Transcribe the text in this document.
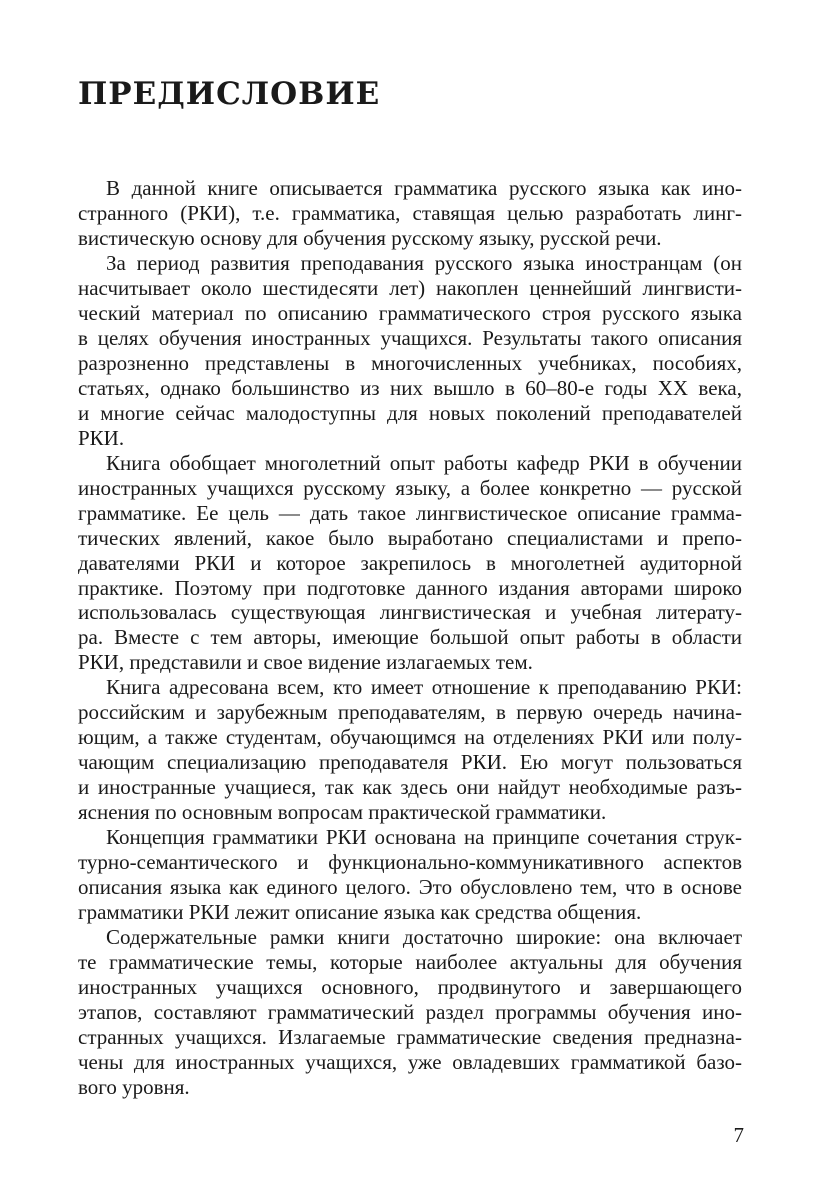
ПРЕДИСЛОВИЕ
В данной книге описывается грамматика русского языка как ино-
странного (РКИ), т.е. грамматика, ставящая целью разработать линг-
вистическую основу для обучения русскому языку, русской речи.
За период развития преподавания русского языка иностранцам (он
насчитывает около шестидесяти лет) накоплен ценнейший лингвисти-
ческий материал по описанию грамматического строя русского языка
в целях обучения иностранных учащихся. Результаты такого описания
разрозненно представлены в многочисленных учебниках, пособиях,
статьях, однако большинство из них вышло в 60–80-е годы XX века,
и многие сейчас малодоступны для новых поколений преподавателей
РКИ.
Книга обобщает многолетний опыт работы кафедр РКИ в обучении
иностранных учащихся русскому языку, а более конкретно — русской
грамматике. Ее цель — дать такое лингвистическое описание грамма-
тических явлений, какое было выработано специалистами и препо-
давателями РКИ и которое закрепилось в многолетней аудиторной
практике. Поэтому при подготовке данного издания авторами широко
использовалась существующая лингвистическая и учебная литерату-
ра. Вместе с тем авторы, имеющие большой опыт работы в области
РКИ, представили и свое видение излагаемых тем.
Книга адресована всем, кто имеет отношение к преподаванию РКИ:
российским и зарубежным преподавателям, в первую очередь начина-
ющим, а также студентам, обучающимся на отделениях РКИ или полу-
чающим специализацию преподавателя РКИ. Ею могут пользоваться
и иностранные учащиеся, так как здесь они найдут необходимые разъ-
яснения по основным вопросам практической грамматики.
Концепция грамматики РКИ основана на принципе сочетания струк-
турно-семантического и функционально-коммуникативного аспектов
описания языка как единого целого. Это обусловлено тем, что в основе
грамматики РКИ лежит описание языка как средства общения.
Содержательные рамки книги достаточно широкие: она включает
те грамматические темы, которые наиболее актуальны для обучения
иностранных учащихся основного, продвинутого и завершающего
этапов, составляют грамматический раздел программы обучения ино-
странных учащихся. Излагаемые грамматические сведения предназна-
чены для иностранных учащихся, уже овладевших грамматикой базо-
вого уровня.
7
